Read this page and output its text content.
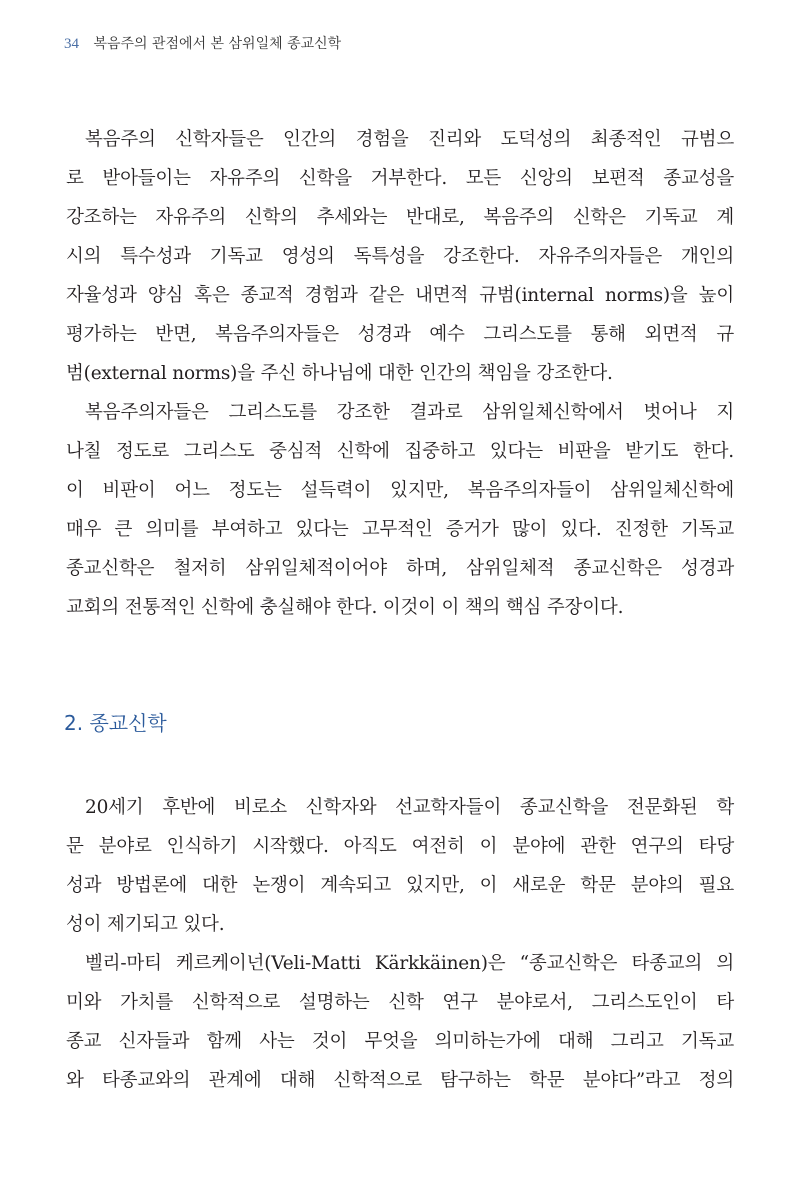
34 복음주의 관점에서 본 삼위일체 종교신학

복음주의 신학자들은 인간의 경험을 진리와 도덕성의 최종적인 규범으
로 받아들이는 자유주의 신학을 거부한다. 모든 신앙의 보편적 종교성을
강조하는 자유주의 신학의 추세와는 반대로, 복음주의 신학은 기독교 계
시의 특수성과 기독교 영성의 독특성을 강조한다. 자유주의자들은 개인의
자율성과 양심 혹은 종교적 경험과 같은 내면적 규범(internal norms)을 높이
평가하는 반면, 복음주의자들은 성경과 예수 그리스도를 통해 외면적 규
범(external norms)을 주신 하나님에 대한 인간의 책임을 강조한다.

복음주의자들은 그리스도를 강조한 결과로 삼위일체신학에서 벗어나 지
나칠 정도로 그리스도 중심적 신학에 집중하고 있다는 비판을 받기도 한다.
이 비판이 어느 정도는 설득력이 있지만, 복음주의자들이 삼위일체신학에
매우 큰 의미를 부여하고 있다는 고무적인 증거가 많이 있다. 진정한 기독교
종교신학은 철저히 삼위일체적이어야 하며, 삼위일체적 종교신학은 성경과
교회의 전통적인 신학에 충실해야 한다. 이것이 이 책의 핵심 주장이다.

2. 종교신학

20세기 후반에 비로소 신학자와 선교학자들이 종교신학을 전문화된 학
문 분야로 인식하기 시작했다. 아직도 여전히 이 분야에 관한 연구의 타당
성과 방법론에 대한 논쟁이 계속되고 있지만, 이 새로운 학문 분야의 필요
성이 제기되고 있다.

벨리-마티 케르케이넌(Veli-Matti Kärkkäinen)은 “종교신학은 타종교의 의
미와 가치를 신학적으로 설명하는 신학 연구 분야로서, 그리스도인이 타
종교 신자들과 함께 사는 것이 무엇을 의미하는가에 대해 그리고 기독교
와 타종교와의 관계에 대해 신학적으로 탐구하는 학문 분야다”라고 정의
